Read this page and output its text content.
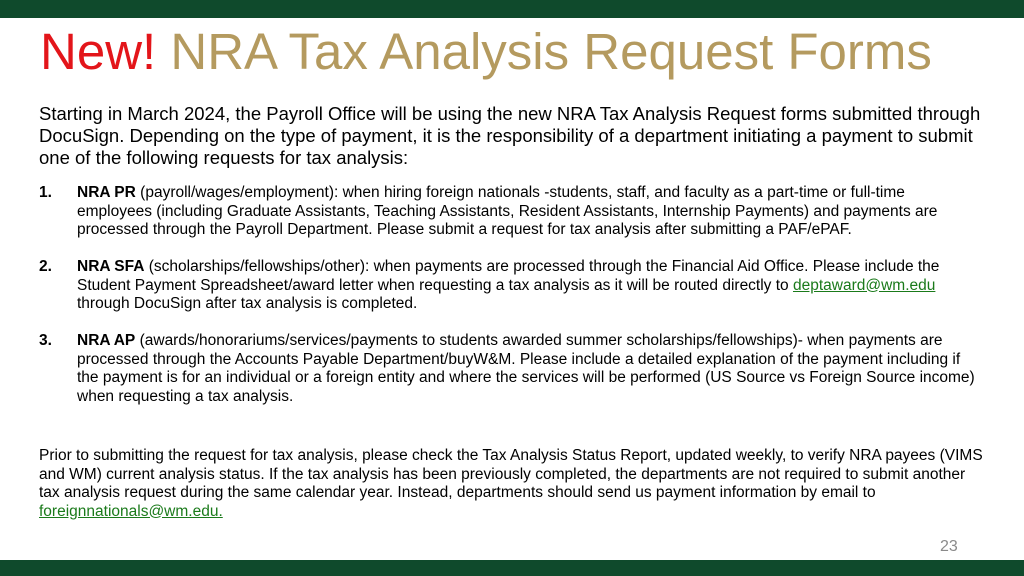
New! NRA Tax Analysis Request Forms

Starting in March 2024, the Payroll Office will be using the new NRA Tax Analysis Request forms submitted through DocuSign. Depending on the type of payment, it is the responsibility of a department initiating a payment to submit one of the following requests for tax analysis:

1. NRA PR (payroll/wages/employment): when hiring foreign nationals -students, staff, and faculty as a part-time or full-time employees (including Graduate Assistants, Teaching Assistants, Resident Assistants, Internship Payments) and payments are processed through the Payroll Department. Please submit a request for tax analysis after submitting a PAF/ePAF.
2. NRA SFA (scholarships/fellowships/other): when payments are processed through the Financial Aid Office. Please include the Student Payment Spreadsheet/award letter when requesting a tax analysis as it will be routed directly to deptaward@wm.edu through DocuSign after tax analysis is completed.
3. NRA AP (awards/honorariums/services/payments to students awarded summer scholarships/fellowships)- when payments are processed through the Accounts Payable Department/buyW&M. Please include a detailed explanation of the payment including if the payment is for an individual or a foreign entity and where the services will be performed (US Source vs Foreign Source income) when requesting a tax analysis.

Prior to submitting the request for tax analysis, please check the Tax Analysis Status Report, updated weekly, to verify NRA payees (VIMS and WM) current analysis status. If the tax analysis has been previously completed, the departments are not required to submit another tax analysis request during the same calendar year. Instead, departments should send us payment information by email to foreignnationals@wm.edu.

23
